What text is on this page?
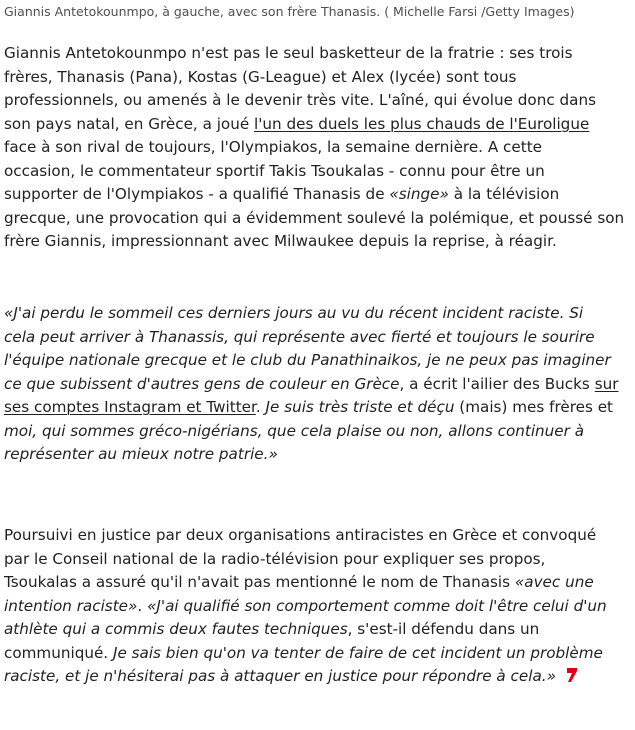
Giannis Antetokounmpo, à gauche, avec son frère Thanasis. ( Michelle Farsi /Getty Images)

Giannis Antetokounmpo n'est pas le seul basketteur de la fratrie : ses trois
frères, Thanasis (Pana), Kostas (G-League) et Alex (lycée) sont tous
professionnels, ou amenés à le devenir très vite. L'aîné, qui évolue donc dans
son pays natal, en Grèce, a joué l'un des duels les plus chauds de l'Euroligue
face à son rival de toujours, l'Olympiakos, la semaine dernière. A cette
occasion, le commentateur sportif Takis Tsoukalas - connu pour être un
supporter de l'Olympiakos - a qualifié Thanasis de «singe» à la télévision
grecque, une provocation qui a évidemment soulevé la polémique, et poussé son
frère Giannis, impressionnant avec Milwaukee depuis la reprise, à réagir.

«J'ai perdu le sommeil ces derniers jours au vu du récent incident raciste. Si
cela peut arriver à Thanassis, qui représente avec fierté et toujours le sourire
l'équipe nationale grecque et le club du Panathinaikos, je ne peux pas imaginer
ce que subissent d'autres gens de couleur en Grèce, a écrit l'ailier des Bucks sur
ses comptes Instagram et Twitter. Je suis très triste et déçu (mais) mes frères et
moi, qui sommes gréco-nigérians, que cela plaise ou non, allons continuer à
représenter au mieux notre patrie.»

Poursuivi en justice par deux organisations antiracistes en Grèce et convoqué
par le Conseil national de la radio-télévision pour expliquer ses propos,
Tsoukalas a assuré qu'il n'avait pas mentionné le nom de Thanasis «avec une
intention raciste». «J'ai qualifié son comportement comme doit l'être celui d'un
athlète qui a commis deux fautes techniques, s'est-il défendu dans un
communiqué. Je sais bien qu'on va tenter de faire de cet incident un problème
raciste, et je n'hésiterai pas à attaquer en justice pour répondre à cela.»
